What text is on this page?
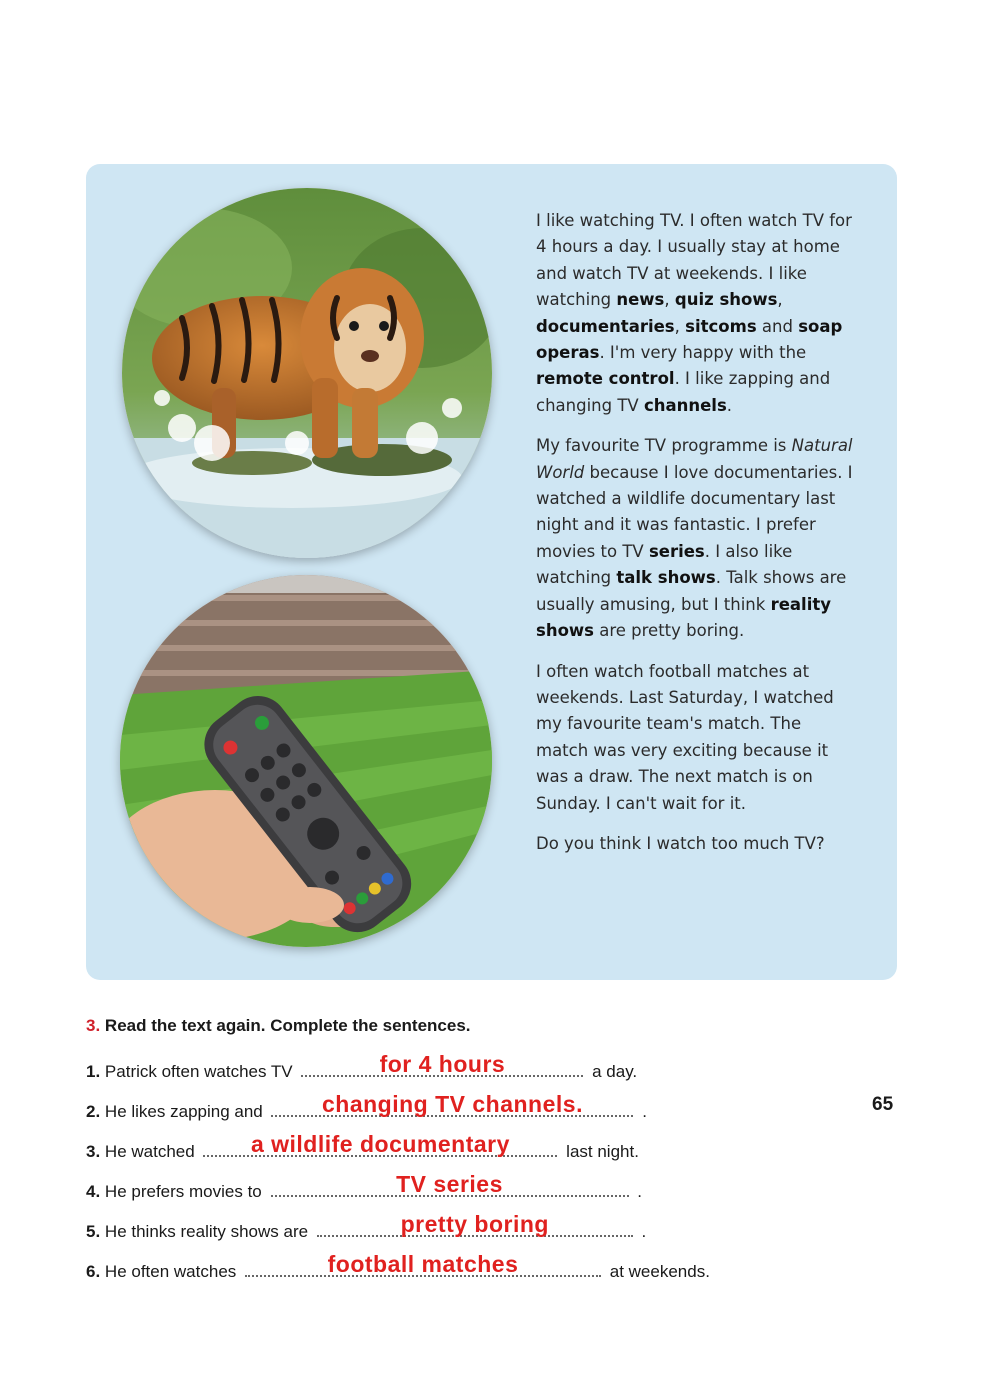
I like watching TV. I often watch TV for 4 hours a day. I usually stay at home and watch TV at weekends. I like watching news, quiz shows, documentaries, sitcoms and soap operas. I'm very happy with the remote control. I like zapping and changing TV channels.

My favourite TV programme is Natural World because I love documentaries. I watched a wildlife documentary last night and it was fantastic. I prefer movies to TV series. I also like watching talk shows. Talk shows are usually amusing, but I think reality shows are pretty boring.

I often watch football matches at weekends. Last Saturday, I watched my favourite team's match. The match was very exciting because it was a draw. The next match is on Sunday. I can't wait for it.

Do you think I watch too much TV?

3. Read the text again. Complete the sentences.
1. Patrick often watches TV	for 4 hours	a day.
2. He likes zapping and	changing TV channels.	.
3. He watched	a wildlife documentary	last night.
4. He prefers movies to	TV series	.
5. He thinks reality shows are	pretty boring	.
6. He often watches	football matches	at weekends.
65
